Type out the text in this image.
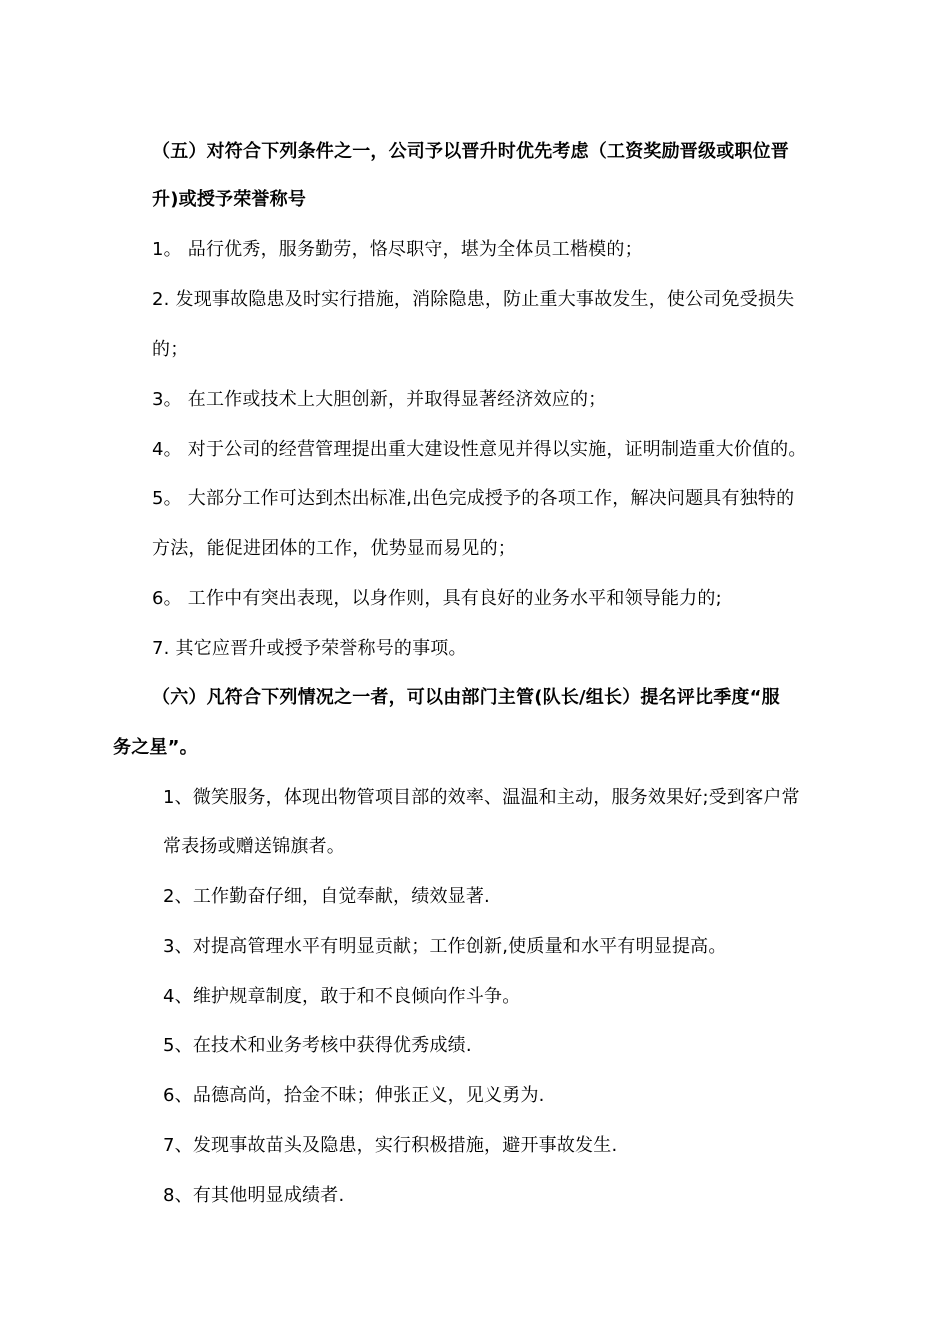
（五）对符合下列条件之一，公司予以晋升时优先考虑（工资奖励晋级或职位晋
升)或授予荣誉称号
1。 品行优秀，服务勤劳，恪尽职守，堪为全体员工楷模的；
2. 发现事故隐患及时实行措施，消除隐患，防止重大事故发生，使公司免受损失
的；
3。 在工作或技术上大胆创新，并取得显著经济效应的；
4。 对于公司的经营管理提出重大建设性意见并得以实施，证明制造重大价值的。
5。 大部分工作可达到杰出标准,出色完成授予的各项工作，解决问题具有独特的
方法，能促进团体的工作，优势显而易见的；
6。 工作中有突出表现，以身作则，具有良好的业务水平和领导能力的;
7. 其它应晋升或授予荣誉称号的事项。
（六）凡符合下列情况之一者，可以由部门主管(队长/组长）提名评比季度“服
务之星”。
1、微笑服务，体现出物管项目部的效率、温温和主动，服务效果好;受到客户常
常表扬或赠送锦旗者。
2、工作勤奋仔细，自觉奉献，绩效显著.
3、对提高管理水平有明显贡献；工作创新,使质量和水平有明显提高。
4、维护规章制度，敢于和不良倾向作斗争。
5、在技术和业务考核中获得优秀成绩.
6、品德高尚，拾金不昧；伸张正义，见义勇为.
7、发现事故苗头及隐患，实行积极措施，避开事故发生.
8、有其他明显成绩者.
